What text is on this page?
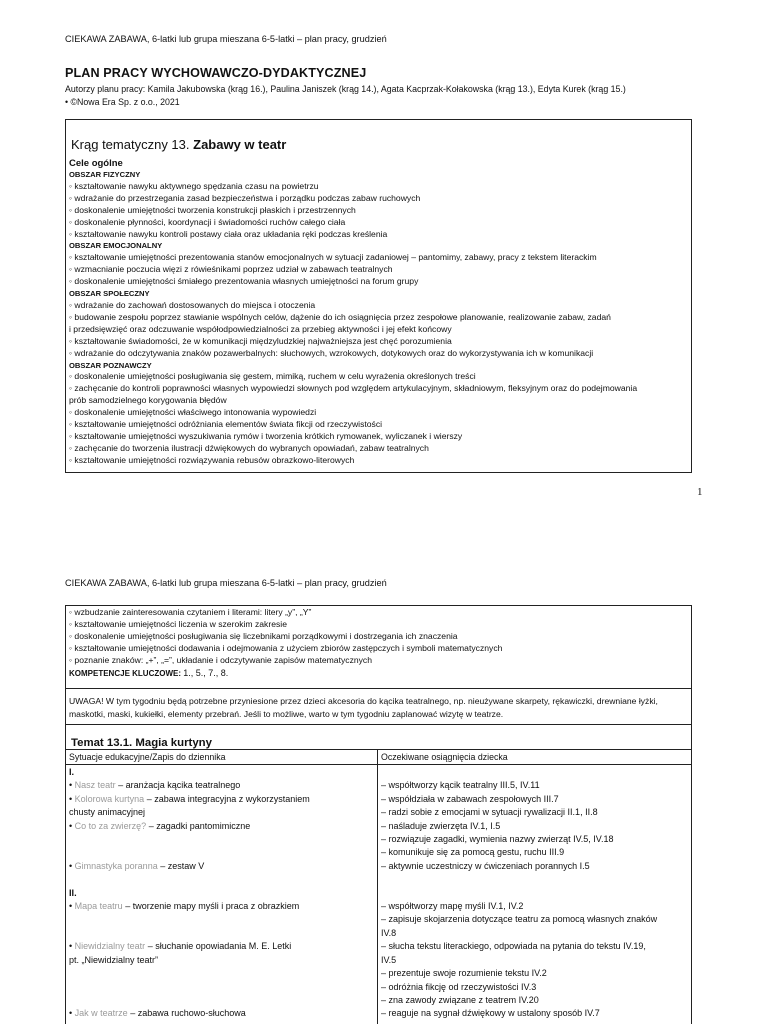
CIEKAWA ZABAWA, 6-latki lub grupa mieszana 6-5-latki – plan pracy, grudzień
PLAN PRACY WYCHOWAWCZO-DYDAKTYCZNEJ
Autorzy planu pracy: Kamila Jakubowska (krąg 16.), Paulina Janiszek (krąg 14.), Agata Kacprzak-Kołakowska (krąg 13.), Edyta Kurek (krąg 15.)
• ©Nowa Era Sp. z o.o., 2021
Krąg tematyczny 13. Zabawy w teatr
Cele ogólne
OBSZAR FIZYCZNY
◦ kształtowanie nawyku aktywnego spędzania czasu na powietrzu
◦ wdrażanie do przestrzegania zasad bezpieczeństwa i porządku podczas zabaw ruchowych
◦ doskonalenie umiejętności tworzenia konstrukcji płaskich i przestrzennych
◦ doskonalenie płynności, koordynacji i świadomości ruchów całego ciała
◦ kształtowanie nawyku kontroli postawy ciała oraz układania ręki podczas kreślenia
OBSZAR EMOCJONALNY
◦ kształtowanie umiejętności prezentowania stanów emocjonalnych w sytuacji zadaniowej – pantomimy, zabawy, pracy z tekstem literackim
◦ wzmacnianie poczucia więzi z rówieśnikami poprzez udział w zabawach teatralnych
◦ doskonalenie umiejętności śmiałego prezentowania własnych umiejętności na forum grupy
OBSZAR SPOŁECZNY
◦ wdrażanie do zachowań dostosowanych do miejsca i otoczenia
◦ budowanie zespołu poprzez stawianie wspólnych celów, dążenie do ich osiągnięcia przez zespołowe planowanie, realizowanie zabaw, zadań
i przedsięwzięć oraz odczuwanie współodpowiedzialności za przebieg aktywności i jej efekt końcowy
◦ kształtowanie świadomości, że w komunikacji międzyludzkiej najważniejsza jest chęć porozumienia
◦ wdrażanie do odczytywania znaków pozawerbalnych: słuchowych, wzrokowych, dotykowych oraz do wykorzystywania ich w komunikacji
OBSZAR POZNAWCZY
◦ doskonalenie umiejętności posługiwania się gestem, mimiką, ruchem w celu wyrażenia określonych treści
◦ zachęcanie do kontroli poprawności własnych wypowiedzi słownych pod względem artykulacyjnym, składniowym, fleksyjnym oraz do podejmowania
prób samodzielnego korygowania błędów
◦ doskonalenie umiejętności właściwego intonowania wypowiedzi
◦ kształtowanie umiejętności odróżniania elementów świata fikcji od rzeczywistości
◦ kształtowanie umiejętności wyszukiwania rymów i tworzenia krótkich rymowanek, wyliczanek i wierszy
◦ zachęcanie do tworzenia ilustracji dźwiękowych do wybranych opowiadań, zabaw teatralnych
◦ kształtowanie umiejętności rozwiązywania rebusów obrazkowo-literowych
1
CIEKAWA ZABAWA, 6-latki lub grupa mieszana 6-5-latki – plan pracy, grudzień
◦ wzbudzanie zainteresowania czytaniem i literami: litery „y”, „Y”
◦ kształtowanie umiejętności liczenia w szerokim zakresie
◦ doskonalenie umiejętności posługiwania się liczebnikami porządkowymi i dostrzegania ich znaczenia
◦ kształtowanie umiejętności dodawania i odejmowania z użyciem zbiorów zastępczych i symboli matematycznych
◦ poznanie znaków: „+”, „=”, układanie i odczytywanie zapisów matematycznych
KOMPETENCJE KLUCZOWE: 1., 5., 7., 8.
UWAGA! W tym tygodniu będą potrzebne przyniesione przez dzieci akcesoria do kącika teatralnego, np. nieużywane skarpety, rękawiczki, drewniane łyżki, maskotki, maski, kukiełki, elementy przebrań. Jeśli to możliwe, warto w tym tygodniu zaplanować wizytę w teatrze.
Temat 13.1. Magia kurtyny
Sytuacje edukacyjne/Zapis do dziennika	Oczekiwane osiągnięcia dziecka
I.
• Nasz teatr – aranżacja kącika teatralnego
• Kolorowa kurtyna – zabawa integracyjna z wykorzystaniem
chusty animacyjnej
• Co to za zwierzę? – zagadki pantomimiczne

• Gimnastyka poranna – zestaw V

II.
• Mapa teatru – tworzenie mapy myśli i praca z obrazkiem

• Niewidzialny teatr – słuchanie opowiadania M. E. Letki
pt. „Niewidzialny teatr”

• Jak w teatrze – zabawa ruchowo-słuchowa

– współtworzy kącik teatralny III.5, IV.11
– współdziała w zabawach zespołowych III.7
– radzi sobie z emocjami w sytuacji rywalizacji II.1, II.8
– naśladuje zwierzęta IV.1, I.5
– rozwiązuje zagadki, wymienia nazwy zwierząt IV.5, IV.18
– komunikuje się za pomocą gestu, ruchu III.9
– aktywnie uczestniczy w ćwiczeniach porannych I.5

– współtworzy mapę myśli IV.1, IV.2
– zapisuje skojarzenia dotyczące teatru za pomocą własnych znaków
IV.8
– słucha tekstu literackiego, odpowiada na pytania do tekstu IV.19,
IV.5
– prezentuje swoje rozumienie tekstu IV.2
– odróżnia fikcję od rzeczywistości IV.3
– zna zawody związane z teatrem IV.20
– reaguje na sygnał dźwiękowy w ustalony sposób IV.7
